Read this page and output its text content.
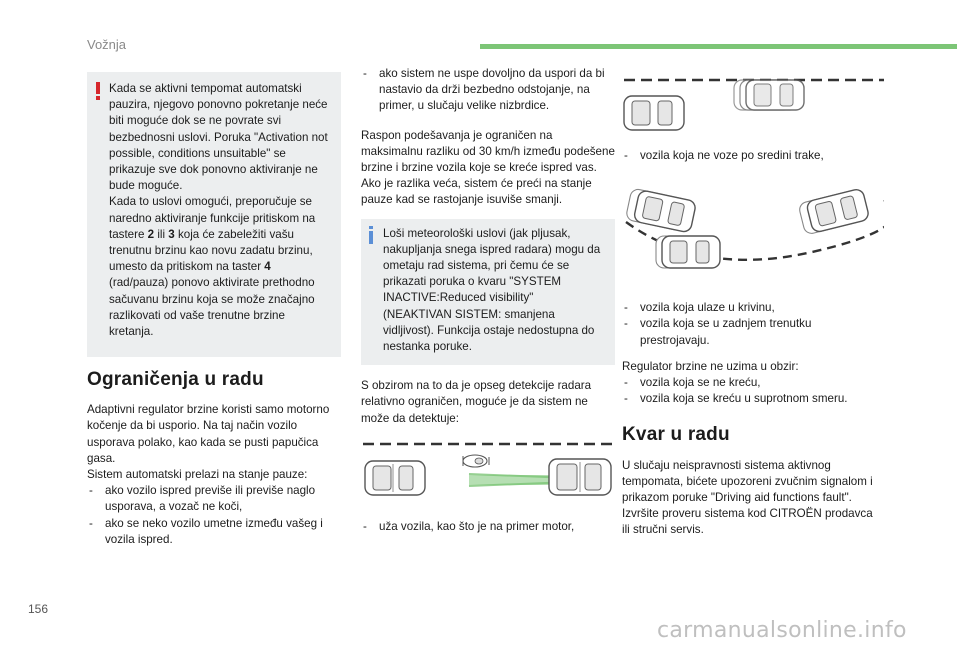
Vožnja

Kada se aktivni tempomat automatski pauzira, njegovo ponovno pokretanje neće biti moguće dok se ne povrate svi bezbednosni uslovi. Poruka "Activation not possible, conditions unsuitable" se prikazuje sve dok ponovno aktiviranje ne bude moguće.

Kada to uslovi omogući, preporučuje se naredno aktiviranje funkcije pritiskom na tastere 2 ili 3 koja će zabeležiti vašu trenutnu brzinu kao novu zadatu brzinu, umesto da pritiskom na taster 4 (rad/pauza) ponovo aktivirate prethodno sačuvanu brzinu koja se može značajno razlikovati od vaše trenutne brzine kretanja.

Ograničenja u radu

Adaptivni regulator brzine koristi samo motorno kočenje da bi usporio. Na taj način vozilo usporava polako, kao kada se pusti papučica gasa.

Sistem automatski prelazi na stanje pauze:

- ako vozilo ispred previše ili previše naglo usporava, a vozač ne koči,

- ako se neko vozilo umetne između vašeg i vozila ispred.

- ako sistem ne uspe dovoljno da uspori da bi nastavio da drži bezbedno odstojanje, na primer, u slučaju velike nizbrdice.

Raspon podešavanja je ograničen na maksimalnu razliku od 30 km/h između podešene brzine i brzine vozila koje se kreće ispred vas. Ako je razlika veća, sistem će preći na stanje pauze kad se rastojanje isuviše smanji.

Loši meteorološki uslovi (jak pljusak, nakupljanja snega ispred radara) mogu da ometaju rad sistema, pri čemu će se prikazati poruka o kvaru "SYSTEM INACTIVE:Reduced visibility" (NEAKTIVAN SISTEM: smanjena vidljivost). Funkcija ostaje nedostupna do nestanka poruke.

S obzirom na to da je opseg detekcije radara relativno ograničen, moguće je da sistem ne može da detektuje:

- uža vozila, kao što je na primer motor,

- vozila koja ne voze po sredini trake,

- vozila koja ulaze u krivinu,

- vozila koja se u zadnjem trenutku prestrojavaju.

Regulator brzine ne uzima u obzir:

- vozila koja se ne kreću,

- vozila koja se kreću u suprotnom smeru.

Kvar u radu

U slučaju neispravnosti sistema aktivnog tempomata, bićete upozoreni zvučnim signalom i prikazom poruke "Driving aid functions fault".

Izvršite proveru sistema kod CITROËN prodavca ili stručni servis.

156
carmanualsonline.info
